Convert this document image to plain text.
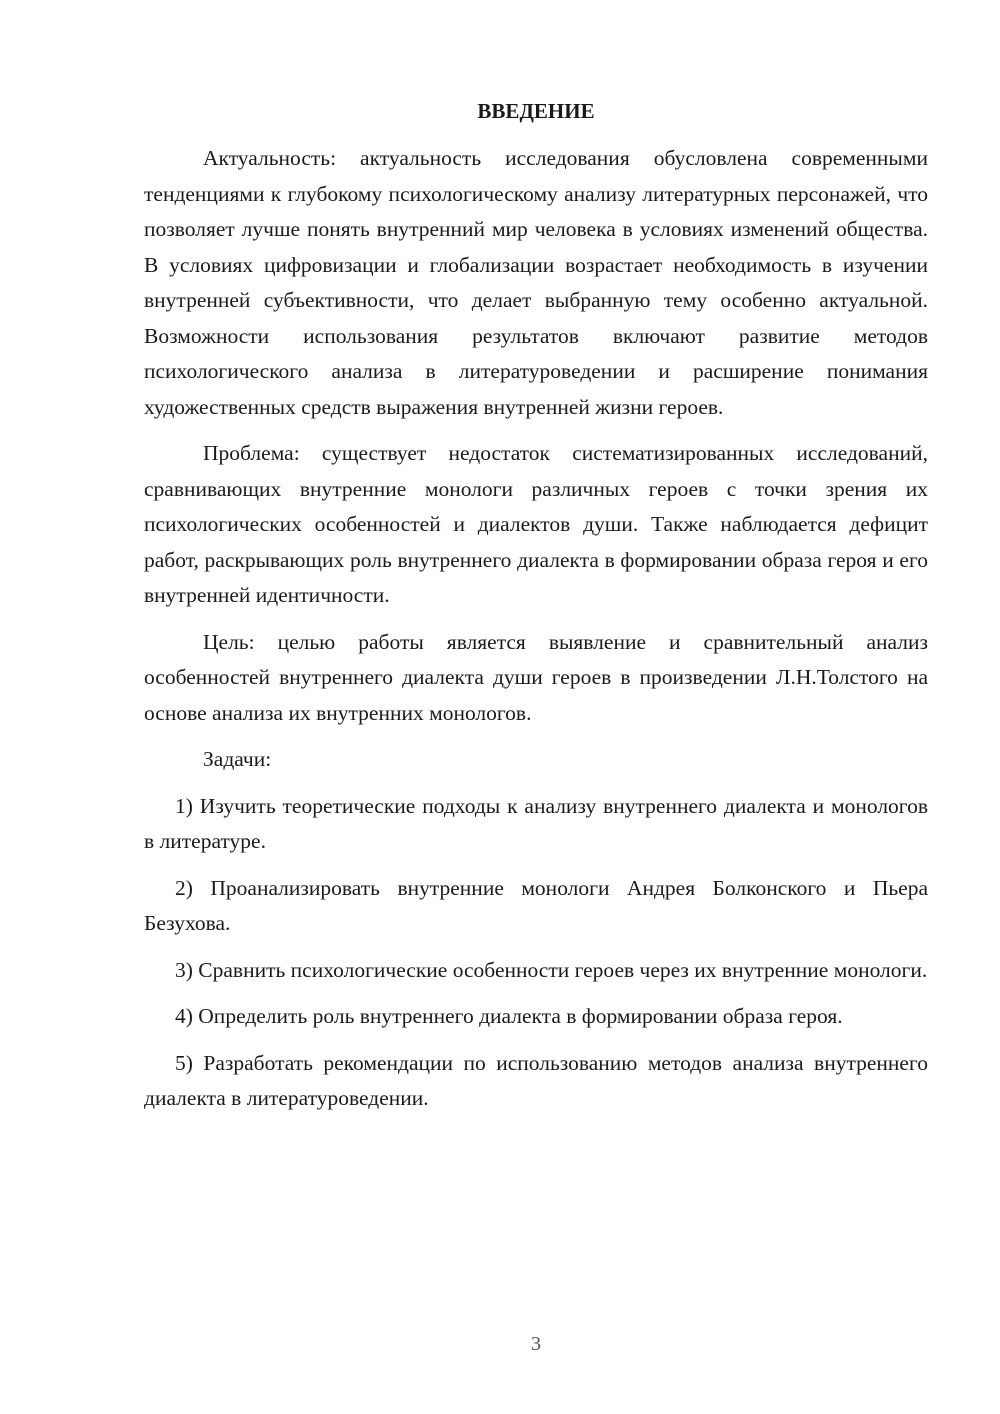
ВВЕДЕНИЕ

Актуальность: актуальность исследования обусловлена современными тенденциями к глубокому психологическому анализу литературных персонажей, что позволяет лучше понять внутренний мир человека в условиях изменений общества. В условиях цифровизации и глобализации возрастает необходимость в изучении внутренней субъективности, что делает выбранную тему особенно актуальной. Возможности использования результатов включают развитие методов психологического анализа в литературоведении и расширение понимания художественных средств выражения внутренней жизни героев.

Проблема: существует недостаток систематизированных исследований, сравнивающих внутренние монологи различных героев с точки зрения их психологических особенностей и диалектов души. Также наблюдается дефицит работ, раскрывающих роль внутреннего диалекта в формировании образа героя и его внутренней идентичности.

Цель: целью работы является выявление и сравнительный анализ особенностей внутреннего диалекта души героев в произведении Л.Н.Толстого на основе анализа их внутренних монологов.

Задачи:

1) Изучить теоретические подходы к анализу внутреннего диалекта и монологов в литературе.

2) Проанализировать внутренние монологи Андрея Болконского и Пьера Безухова.

3) Сравнить психологические особенности героев через их внутренние монологи.

4) Определить роль внутреннего диалекта в формировании образа героя.

5) Разработать рекомендации по использованию методов анализа внутреннего диалекта в литературоведении.

3
